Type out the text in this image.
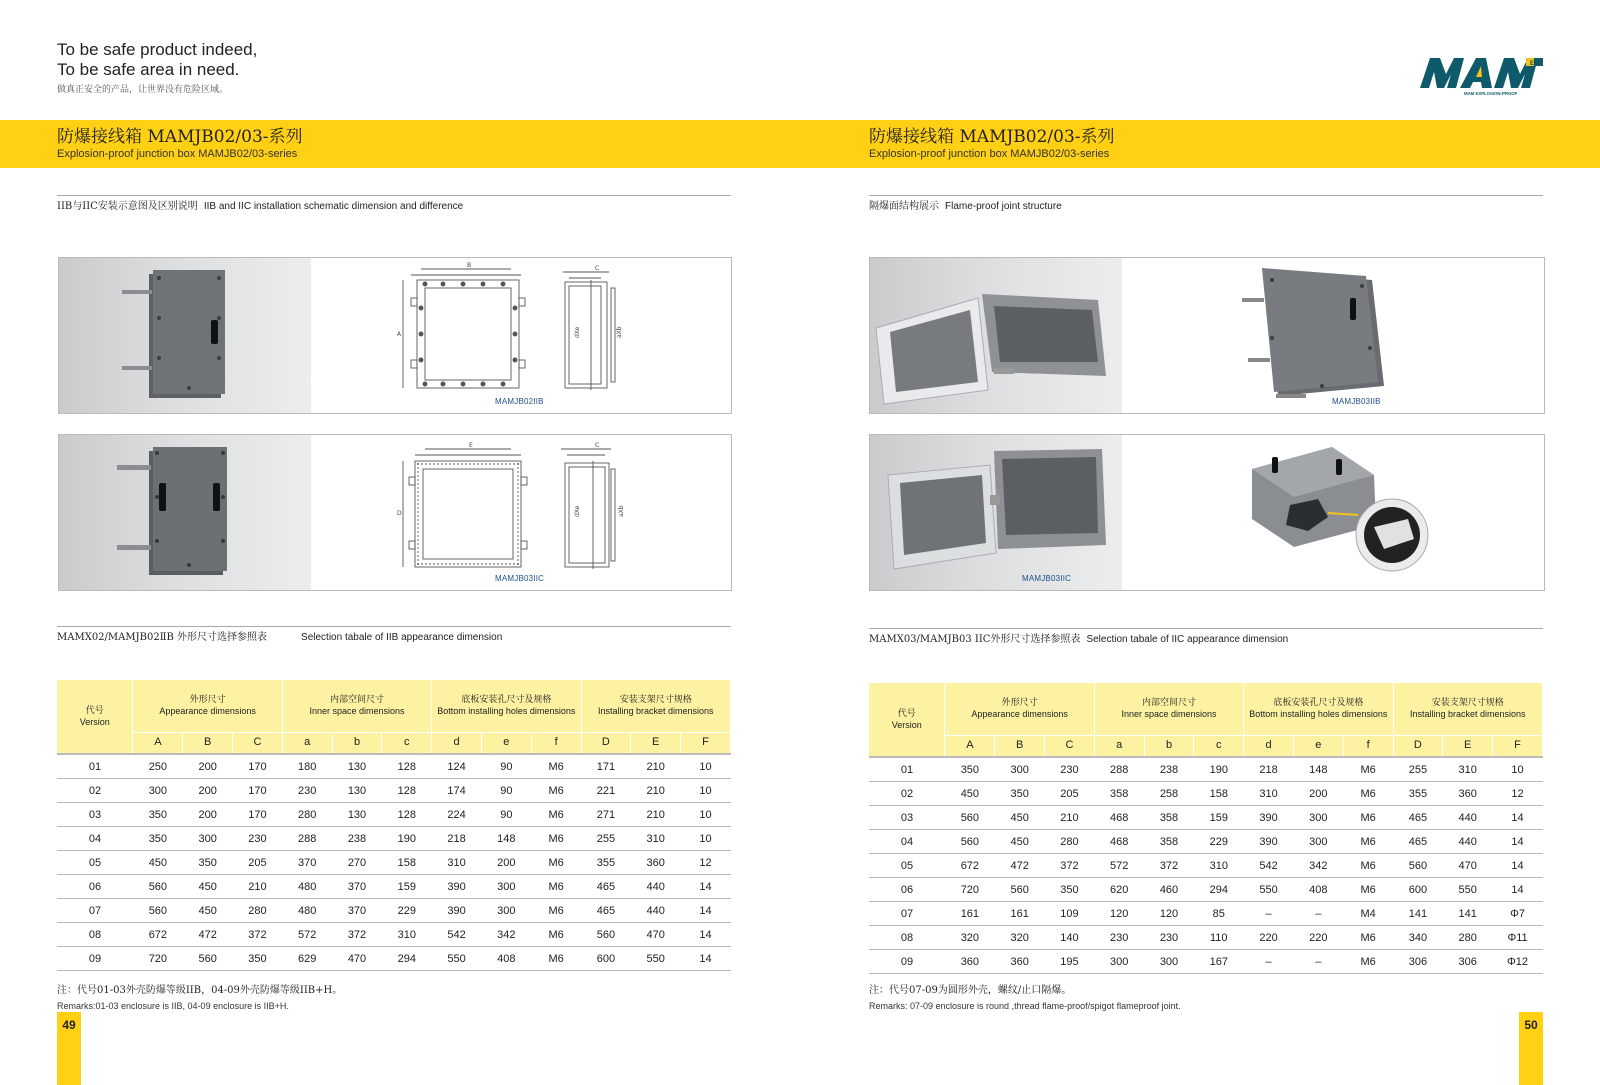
To be safe product indeed,
To be safe area in need.
做真正安全的产品，让世界没有危险区域。
EX
MAM EXPLOSION-PROOF
防爆接线箱 MAMJB02/03-系列
Explosion-proof junction box MAMJB02/03-series
防爆接线箱 MAMJB02/03-系列
Explosion-proof junction box MAMJB02/03-series
IIB与IIC安装示意图及区别说明 IIB and IIC installation schematic dimension and difference	隔爆面结构展示 Flame-proof joint structure
B
A
C
dXe	aXb
MAMJB02IIB
E
D
C
dXe	aXb
MAMJB03IIC
MAMJB03IIB
MAMJB03IIC
MAMX02/MAMJB02ⅡB 外形尺寸选择参照表	Selection tabale of IIB appearance dimension	MAMX03/MAMJB03 IIC外形尺寸选择参照表 Selection tabale of IIC appearance dimension
代号
Version	外形尺寸
Appearance dimensions			内部空间尺寸
Inner space dimensions			底板安装孔尺寸及规格
Bottom installing holes dimensions			安装支架尺寸规格
Installing bracket dimensions		
	A	B	C	a	b	c	d	e	f	D	E	F
01	250	200	170	180	130	128	124	90	M6	171	210	10
02	300	200	170	230	130	128	174	90	M6	221	210	10
03	350	200	170	280	130	128	224	90	M6	271	210	10
04	350	300	230	288	238	190	218	148	M6	255	310	10
05	450	350	205	370	270	158	310	200	M6	355	360	12
06	560	450	210	480	370	159	390	300	M6	465	440	14
07	560	450	280	480	370	229	390	300	M6	465	440	14
08	672	472	372	572	372	310	542	342	M6	560	470	14
09	720	560	350	629	470	294	550	408	M6	600	550	14
代号
Version	外形尺寸
Appearance dimensions			内部空间尺寸
Inner space dimensions			底板安装孔尺寸及规格
Bottom installing holes dimensions			安装支架尺寸规格
Installing bracket dimensions		
	A	B	C	a	b	c	d	e	f	D	E	F
01	350	300	230	288	238	190	218	148	M6	255	310	10
02	450	350	205	358	258	158	310	200	M6	355	360	12
03	560	450	210	468	358	159	390	300	M6	465	440	14
04	560	450	280	468	358	229	390	300	M6	465	440	14
05	672	472	372	572	372	310	542	342	M6	560	470	14
06	720	560	350	620	460	294	550	408	M6	600	550	14
07	161	161	109	120	120	85	–	–	M4	141	141	Φ7
08	320	320	140	230	230	110	220	220	M6	340	280	Φ11
09	360	360	195	300	300	167	–	–	M6	306	306	Φ12
注：代号01-03外壳防爆等级IIB，04-09外壳防爆等级IIB+H。
Remarks:01-03 enclosure is IIB, 04-09 enclosure is IIB+H.
注：代号07-09为圆形外壳，螺纹/止口隔爆。
Remarks: 07-09 enclosure is round ,thread flame-proof/spigot flameproof joint.
49	50
